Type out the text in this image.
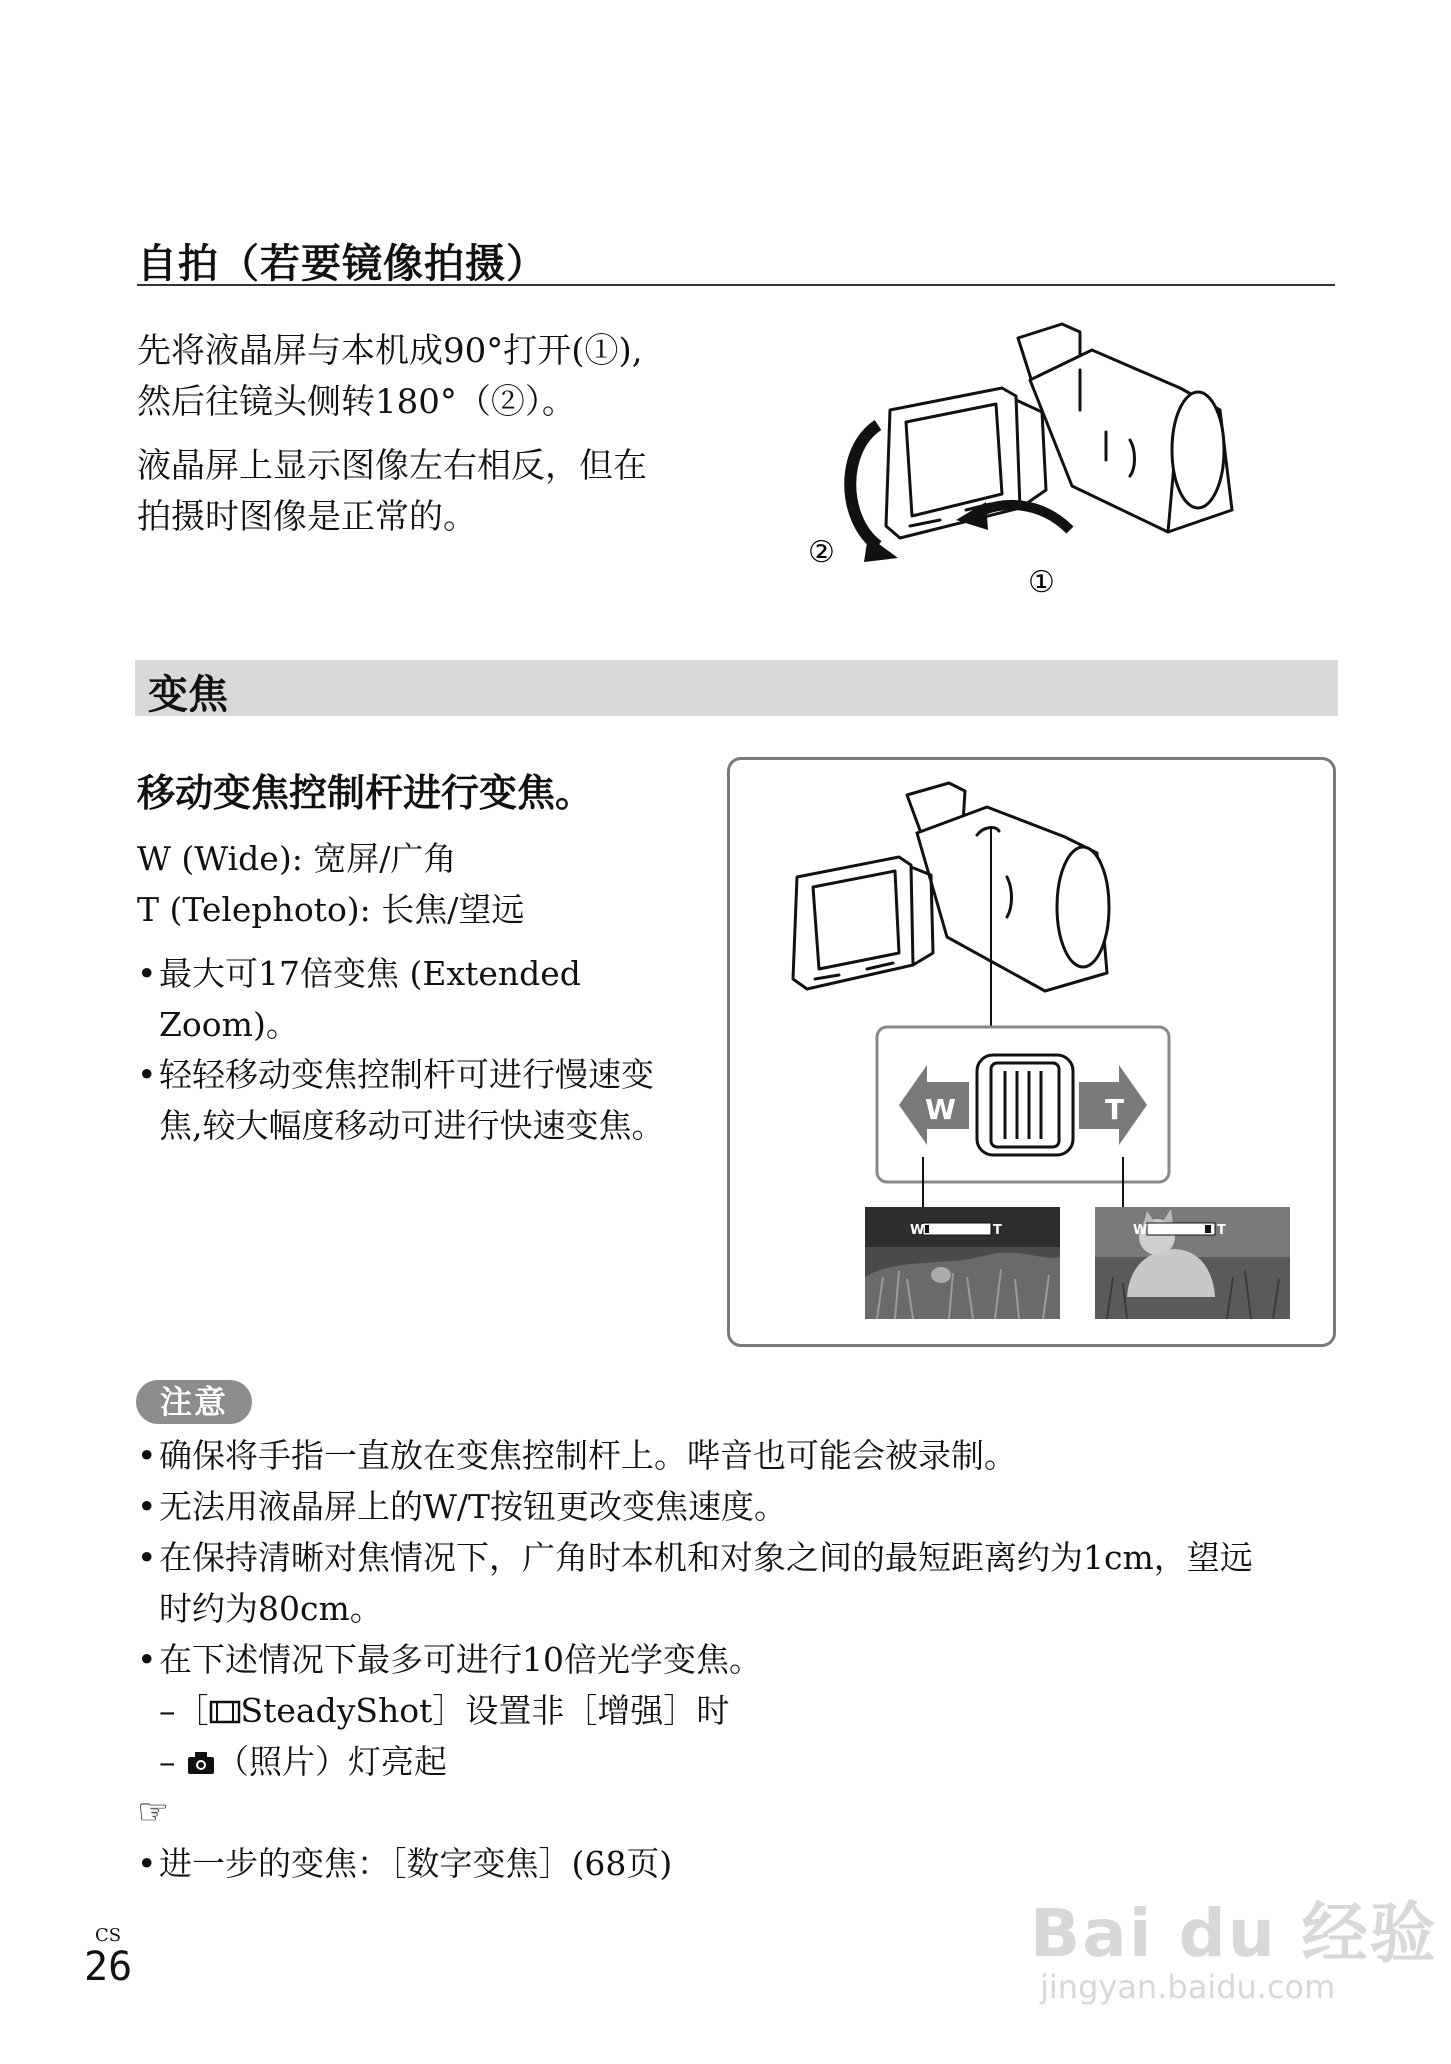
自拍（若要镜像拍摄）
先将液晶屏与本机成90°打开(①),
然后往镜头侧转180°（②）。
液晶屏上显示图像左右相反，但在
拍摄时图像是正常的。
②
①
变焦
移动变焦控制杆进行变焦。
W (Wide): 宽屏/广角
T (Telephoto): 长焦/望远
• 最大可17倍变焦 (Extended
Zoom)。
• 轻轻移动变焦控制杆可进行慢速变
焦,较大幅度移动可进行快速变焦。	W	T
W	T	W	T
注意
• 确保将手指一直放在变焦控制杆上。哔音也可能会被录制。
• 无法用液晶屏上的W/T按钮更改变焦速度。
• 在保持清晰对焦情况下，广角时本机和对象之间的最短距离约为1cm，望远
时约为80cm。
• 在下述情况下最多可进行10倍光学变焦。
–［ SteadyShot］设置非［增强］时
– （照片）灯亮起
☞
• 进一步的变焦：［数字变焦］(68页)
CS
26	Bai du 经验
jingyan.baidu.com
